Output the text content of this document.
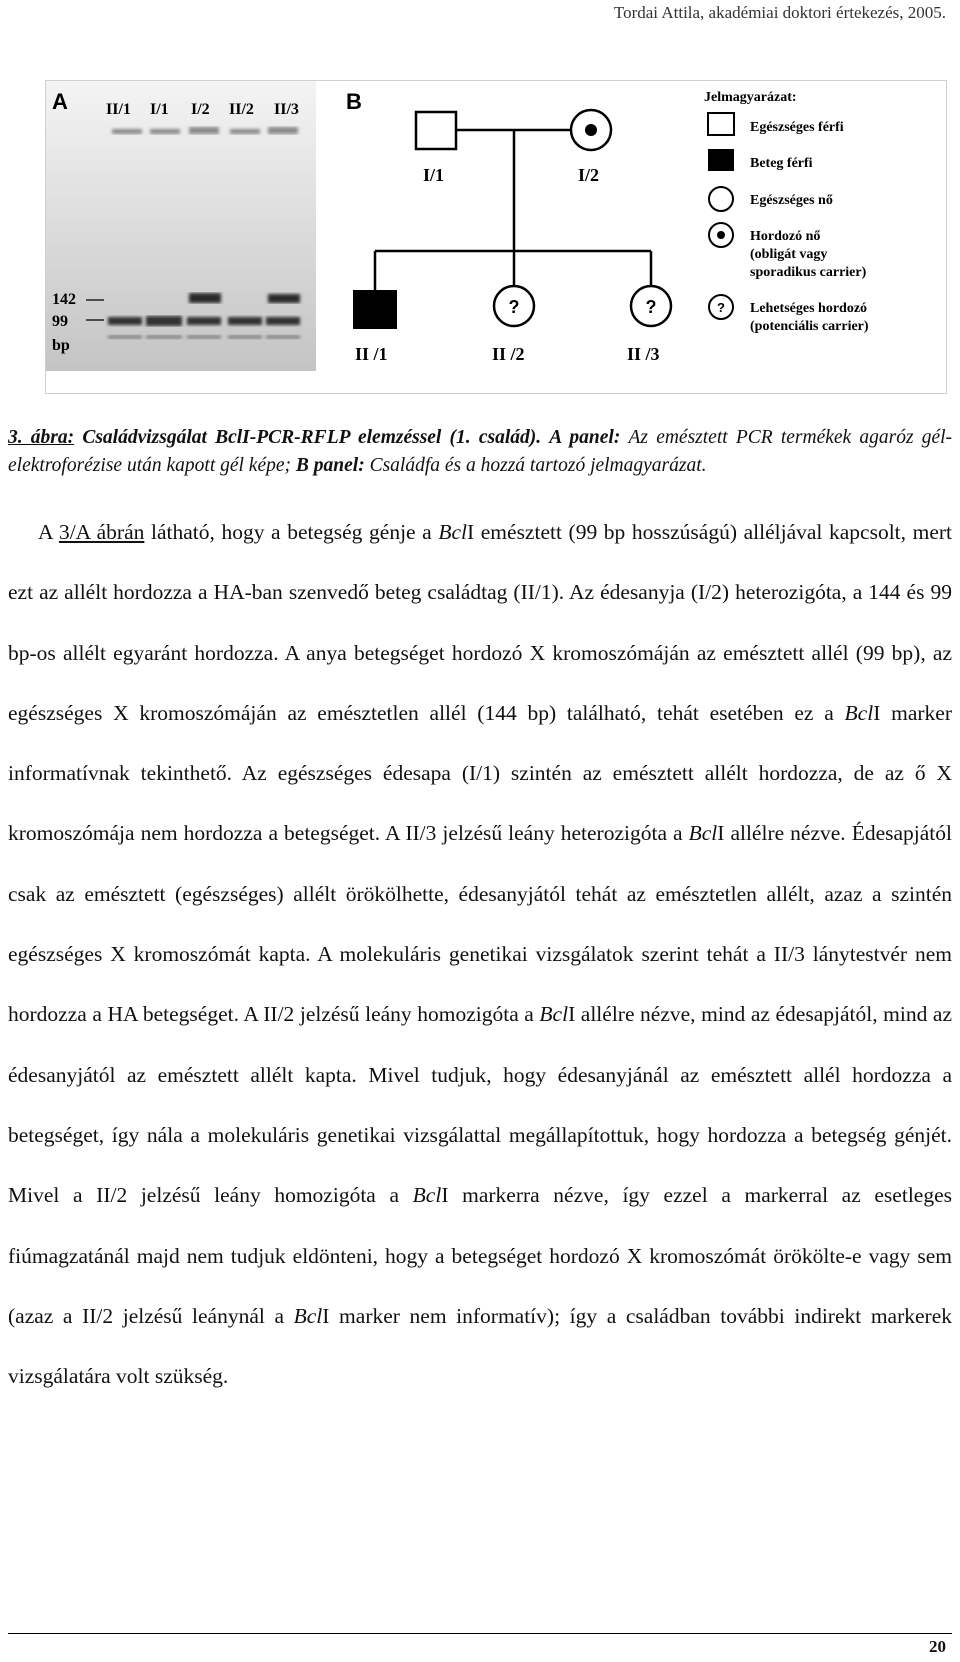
Tordai Attila, akadémiai doktori értekezés, 2005.
A II/1 I/1 I/2 II/2 II/3
142
99
bp
B
I/1	I/2
?	?
II /1	II /2	II /3
Jelmagyarázat:
Egészséges férfi
Beteg férfi
Egészséges nő
Hordozó nő
(obligát vagy
sporadikus carrier)
? Lehetséges hordozó
(potenciális carrier)
3. ábra: Családvizsgálat BclI-PCR-RFLP elemzéssel (1. család). A panel: Az emésztett PCR termékek agaróz gél-elektroforézise után kapott gél képe; B panel: Családfa és a hozzá tartozó jelmagyarázat.

A 3/A ábrán látható, hogy a betegség génje a BclI emésztett (99 bp hosszúságú) alléljával kapcsolt, mert ezt az allélt hordozza a HA-ban szenvedő beteg családtag (II/1). Az édesanyja (I/2) heterozigóta, a 144 és 99 bp-os allélt egyaránt hordozza. A anya betegséget hordozó X kromoszómáján az emésztett allél (99 bp), az egészséges X kromoszómáján az emésztetlen allél (144 bp) található, tehát esetében ez a BclI marker informatívnak tekinthető. Az egészséges édesapa (I/1) szintén az emésztett allélt hordozza, de az ő X kromoszómája nem hordozza a betegséget. A II/3 jelzésű leány heterozigóta a BclI allélre nézve. Édesapjától csak az emésztett (egészséges) allélt örökölhette, édesanyjától tehát az emésztetlen allélt, azaz a szintén egészséges X kromoszómát kapta. A molekuláris genetikai vizsgálatok szerint tehát a II/3 lánytestvér nem hordozza a HA betegséget. A II/2 jelzésű leány homozigóta a BclI allélre nézve, mind az édesapjától, mind az édesanyjától az emésztett allélt kapta. Mivel tudjuk, hogy édesanyjánál az emésztett allél hordozza a betegséget, így nála a molekuláris genetikai vizsgálattal megállapítottuk, hogy hordozza a betegség génjét. Mivel a II/2 jelzésű leány homozigóta a BclI markerra nézve, így ezzel a markerral az esetleges fiúmagzatánál majd nem tudjuk eldönteni, hogy a betegséget hordozó X kromoszómát örökölte-e vagy sem (azaz a II/2 jelzésű leánynál a BclI marker nem informatív); így a családban további indirekt markerek vizsgálatára volt szükség.

20
